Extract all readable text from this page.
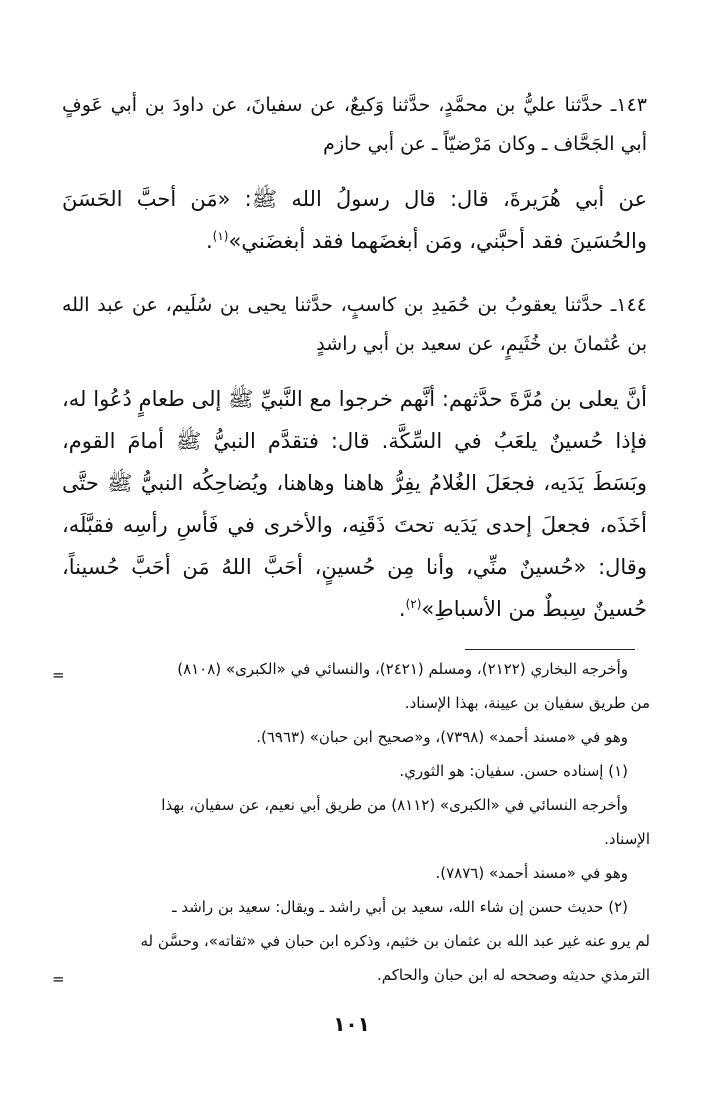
١٤٣ـ حدَّثنا عليُّ بن محمَّدٍ، حدَّثنا وَكيعٌ، عن سفيانَ، عن داودَ بن أبي عَوفٍ أبي الجَحَّاف ـ وكان مَرْضيّاً ـ عن أبي حازم

عن أبي هُرَيرةَ، قال: قال رسولُ الله ﷺ: «مَن أحبَّ الحَسَنَ والحُسَينَ فقد أحبَّني، ومَن أبغضَهما فقد أبغضَني»$^{(١)}$.

١٤٤ـ حدَّثنا يعقوبُ بن حُمَيدِ بن كاسبٍ، حدَّثنا يحيى بن سُلَيم، عن عبد الله بن عُثمانَ بن خُثَيمٍ، عن سعيد بن أبي راشدٍ

أنَّ يعلى بن مُرَّةَ حدَّثهم: أنَّهم خرجوا مع النَّبيِّ ﷺ إلى طعامٍ دُعُوا له، فإذا حُسينٌ يلعَبُ في السِّكَّة. قال: فتقدَّم النبيُّ ﷺ أمامَ القوم، وبَسَطَ يَدَيه، فجعَلَ الغُلامُ يفِرُّ هاهنا وهاهنا، ويُضاحِكُه النبيُّ ﷺ حتَّى أخَذَه، فجعلَ إحدى يَدَيه تحتَ ذَقَنِه، والأخرى في فَأسِ رأسِه فقبَّلَه، وقال: «حُسينٌ منِّي، وأنا مِن حُسينٍ، أحَبَّ اللهُ مَن أحَبَّ حُسيناً، حُسينٌ سِبطٌ من الأسباطِ»$^{(٢)}$.

=	وأخرجه البخاري (٢١٢٢)، ومسلم (٢٤٢١)، والنسائي في «الكبرى» (٨١٠٨)

من طريق سفيان بن عيينة، بهذا الإسناد.

وهو في «مسند أحمد» (٧٣٩٨)، و«صحيح ابن حبان» (٦٩٦٣).

(١) إسناده حسن. سفيان: هو الثوري.

وأخرجه النسائي في «الكبرى» (٨١١٢) من طريق أبي نعيم، عن سفيان، بهذا

الإسناد.

وهو في «مسند أحمد» (٧٨٧٦).

(٢) حديث حسن إن شاء الله، سعيد بن أبي راشد ـ ويقال: سعيد بن راشد ـ

لم يرو عنه غير عبد الله بن عثمان بن خثيم، وذكره ابن حبان في «ثقاته»، وحسَّن له

الترمذي حديثه وصححه له ابن حبان والحاكم.

=
١٠١
